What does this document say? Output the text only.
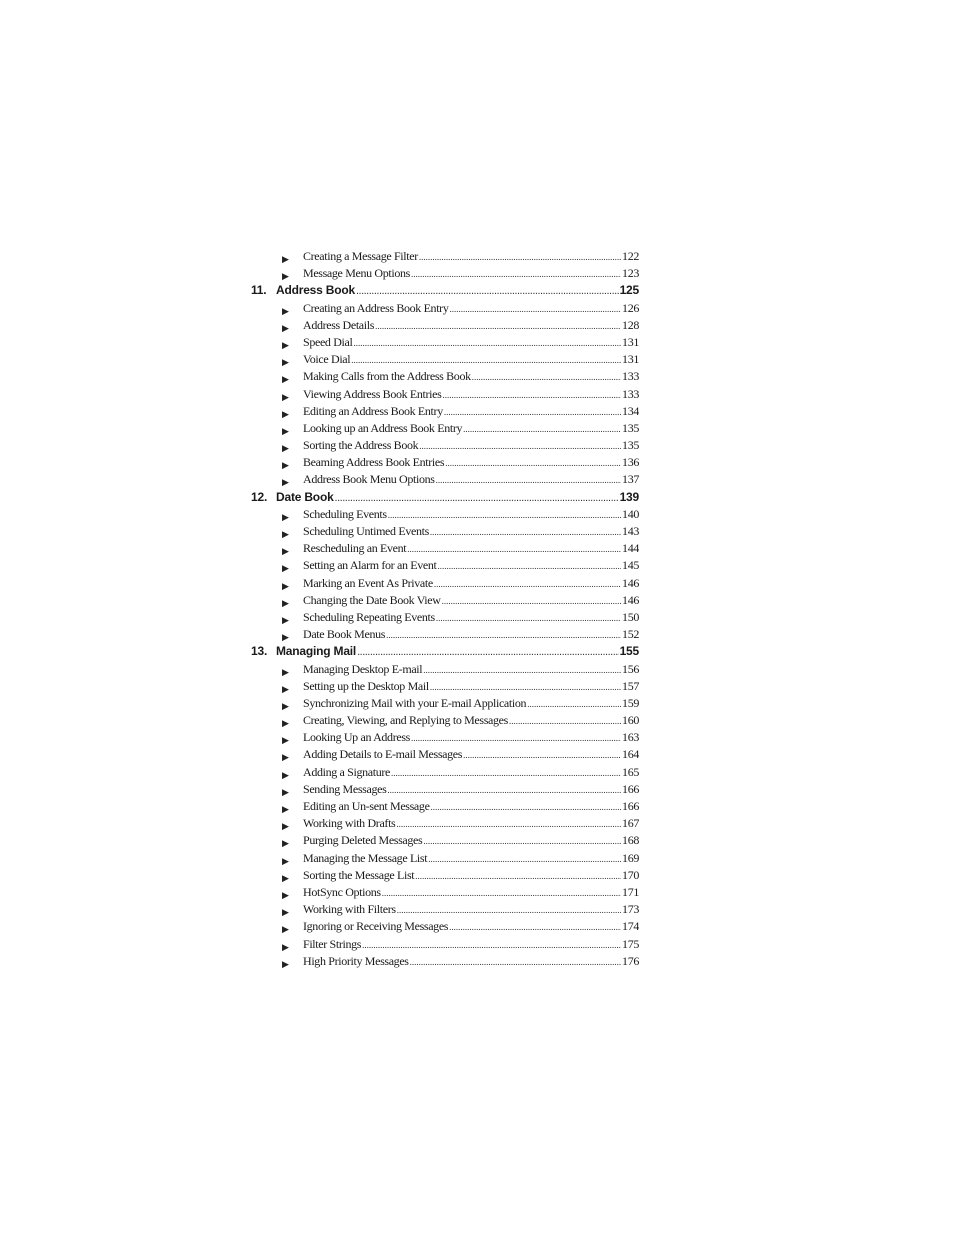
▶	Creating a Message Filter .....	122
▶	Message Menu Options .....	123
11. Address Book .....	125
▶	Creating an Address Book Entry .....	126
▶	Address Details .....	128
▶	Speed Dial .....	131
▶	Voice Dial .....	131
▶	Making Calls from the Address Book .....	133
▶	Viewing Address Book Entries .....	133
▶	Editing an Address Book Entry .....	134
▶	Looking up an Address Book Entry .....	135
▶	Sorting the Address Book .....	135
▶	Beaming Address Book Entries .....	136
▶	Address Book Menu Options .....	137
12. Date Book .....	139
▶	Scheduling Events .....	140
▶	Scheduling Untimed Events .....	143
▶	Rescheduling an Event .....	144
▶	Setting an Alarm for an Event .....	145
▶	Marking an Event As Private .....	146
▶	Changing the Date Book View .....	146
▶	Scheduling Repeating Events .....	150
▶	Date Book Menus .....	152
13. Managing Mail .....	155
▶	Managing Desktop E-mail .....	156
▶	Setting up the Desktop Mail .....	157
▶	Synchronizing Mail with your E-mail Application .....	159
▶	Creating, Viewing, and Replying to Messages .....	160
▶	Looking Up an Address .....	163
▶	Adding Details to E-mail Messages .....	164
▶	Adding a Signature .....	165
▶	Sending Messages .....	166
▶	Editing an Un-sent Message .....	166
▶	Working with Drafts .....	167
▶	Purging Deleted Messages .....	168
▶	Managing the Message List .....	169
▶	Sorting the Message List .....	170
▶	HotSync Options .....	171
▶	Working with Filters .....	173
▶	Ignoring or Receiving Messages .....	174
▶	Filter Strings .....	175
▶	High Priority Messages .....	176
